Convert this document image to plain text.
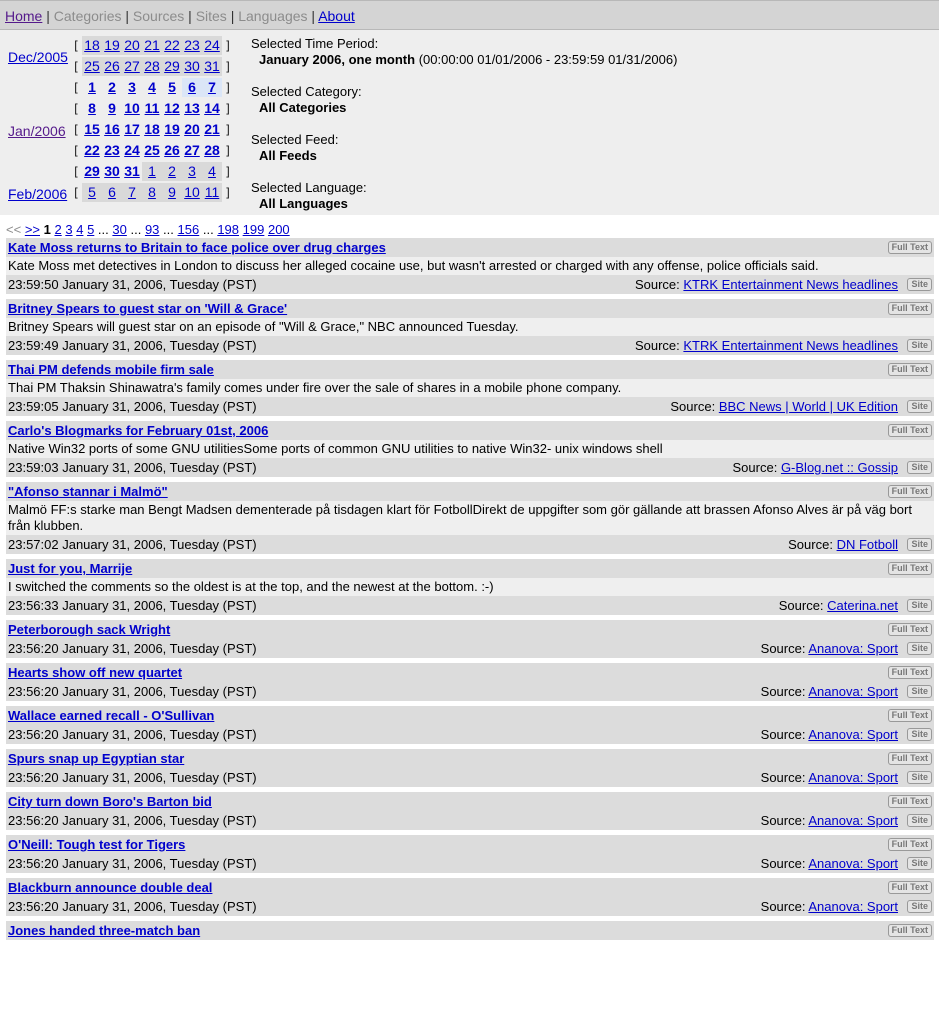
Home | Categories | Sources | Sites | Languages | About
Dec/2005
Jan/2006
Feb/2006
[ 18 19 20 21 22 23 24 ]
[ 25 26 27 28 29 30 31 ]
[ 1 2 3 4 5 6 7 ]
[ 8 9 10 11 12 13 14 ]
[ 15 16 17 18 19 20 21 ]
[ 22 23 24 25 26 27 28 ]
[ 29 30 31 1 2 3 4 ]
[ 5 6 7 8 9 10 11 ]
Selected Time Period:
January 2006, one month (00:00:00 01/01/2006 - 23:59:59 01/31/2006)
Selected Category:
All Categories
Selected Feed:
All Feeds
Selected Language:
All Languages
<< >> 1 2 3 4 5 ... 30 ... 93 ... 156 ... 198 199 200
Kate Moss returns to Britain to face police over drug charges	Full Text
Kate Moss met detectives in London to discuss her alleged cocaine use, but wasn't arrested or charged with any offense, police officials said.
23:59:50 January 31, 2006, Tuesday (PST)	Source: KTRK Entertainment News headlines	Site
Britney Spears to guest star on 'Will & Grace'	Full Text
Britney Spears will guest star on an episode of "Will & Grace," NBC announced Tuesday.
23:59:49 January 31, 2006, Tuesday (PST)	Source: KTRK Entertainment News headlines	Site
Thai PM defends mobile firm sale	Full Text
Thai PM Thaksin Shinawatra's family comes under fire over the sale of shares in a mobile phone company.
23:59:05 January 31, 2006, Tuesday (PST)	Source: BBC News | World | UK Edition	Site
Carlo's Blogmarks for February 01st, 2006	Full Text
Native Win32 ports of some GNU utilitiesSome ports of common GNU utilities to native Win32- unix windows shell
23:59:03 January 31, 2006, Tuesday (PST)	Source: G-Blog.net :: Gossip	Site
"Afonso stannar i Malmö"	Full Text
Malmö FF:s starke man Bengt Madsen dementerade på tisdagen klart för FotbollDirekt de uppgifter som gör gällande att brassen Afonso Alves är på väg bort från klubben.
23:57:02 January 31, 2006, Tuesday (PST)	Source: DN Fotboll	Site
Just for you, Marrije	Full Text
I switched the comments so the oldest is at the top, and the newest at the bottom. :-)
23:56:33 January 31, 2006, Tuesday (PST)	Source: Caterina.net	Site
Peterborough sack Wright	Full Text
23:56:20 January 31, 2006, Tuesday (PST)	Source: Ananova: Sport	Site
Hearts show off new quartet	Full Text
23:56:20 January 31, 2006, Tuesday (PST)	Source: Ananova: Sport	Site
Wallace earned recall - O'Sullivan	Full Text
23:56:20 January 31, 2006, Tuesday (PST)	Source: Ananova: Sport	Site
Spurs snap up Egyptian star	Full Text
23:56:20 January 31, 2006, Tuesday (PST)	Source: Ananova: Sport	Site
City turn down Boro's Barton bid	Full Text
23:56:20 January 31, 2006, Tuesday (PST)	Source: Ananova: Sport	Site
O'Neill: Tough test for Tigers	Full Text
23:56:20 January 31, 2006, Tuesday (PST)	Source: Ananova: Sport	Site
Blackburn announce double deal	Full Text
23:56:20 January 31, 2006, Tuesday (PST)	Source: Ananova: Sport	Site
Jones handed three-match ban	Full Text
